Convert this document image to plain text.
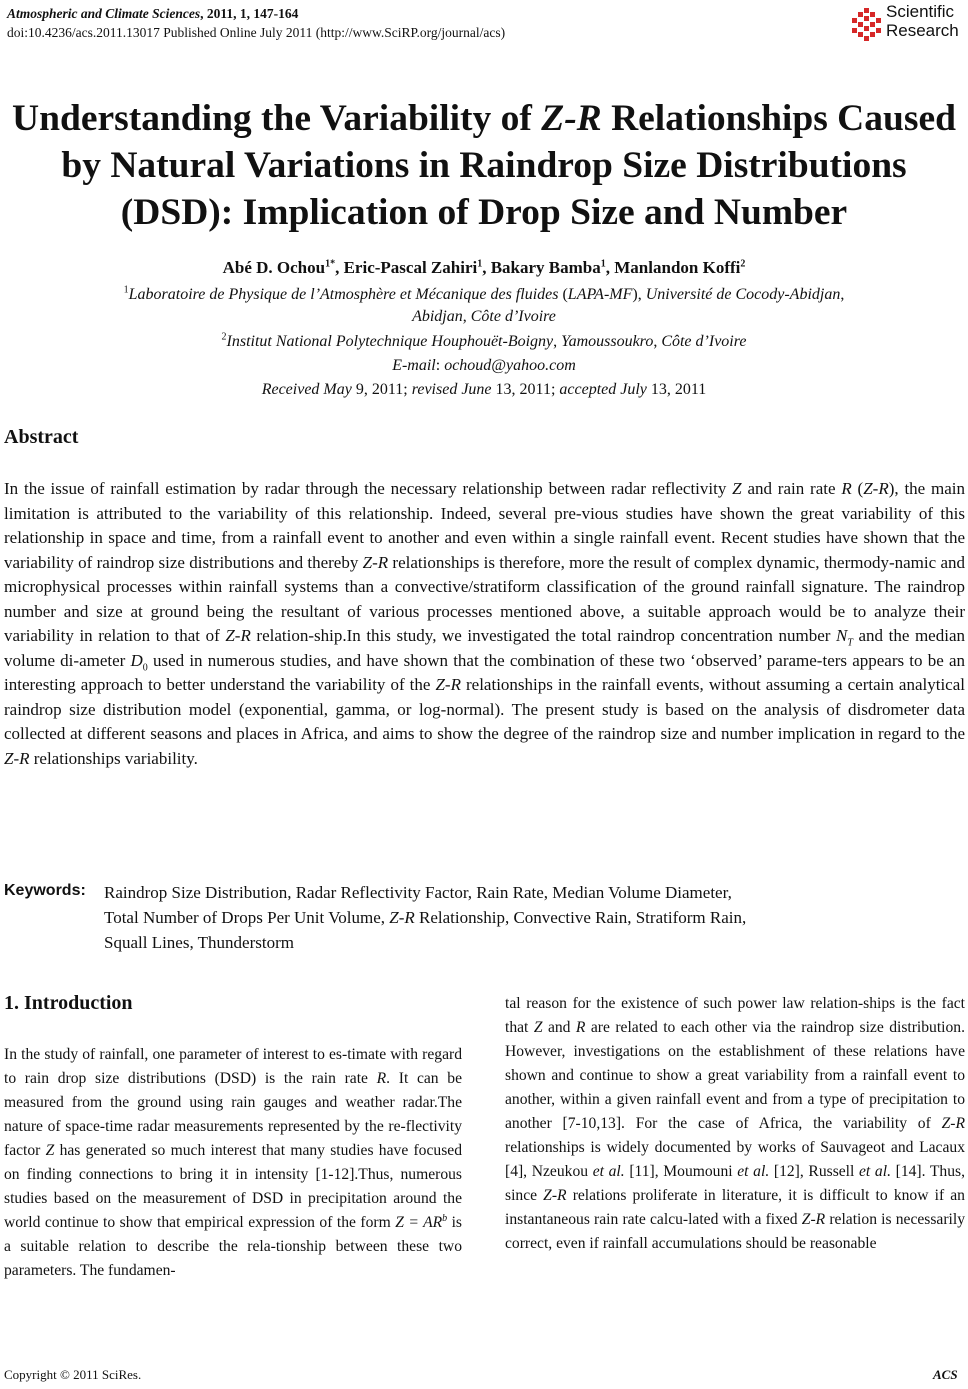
Atmospheric and Climate Sciences, 2011, 1, 147-164
doi:10.4236/acs.2011.13017 Published Online July 2011 (http://www.SciRP.org/journal/acs)
Scientific
Research
Understanding the Variability of Z-R Relationships Caused
by Natural Variations in Raindrop Size Distributions
(DSD): Implication of Drop Size and Number
Abé D. Ochou$^{1*}$, Eric-Pascal Zahiri$^1$, Bakary Bamba$^1$, Manlandon Koffi$^2$
$^1$Laboratoire de Physique de l’Atmosphère et Mécanique des fluides (LAPA-MF), Université de Cocody-Abidjan,
Abidjan, Côte d’Ivoire
$^2$Institut National Polytechnique Houphouët-Boigny, Yamoussoukro, Côte d’Ivoire
E-mail: ochoud@yahoo.com
Received May 9, 2011; revised June 13, 2011; accepted July 13, 2011
Abstract
In the issue of rainfall estimation by radar through the necessary relationship between radar reflectivity Z and rain rate R (Z-R), the main limitation is attributed to the variability of this relationship. Indeed, several pre-vious studies have shown the great variability of this relationship in space and time, from a rainfall event to another and even within a single rainfall event. Recent studies have shown that the variability of raindrop size distributions and thereby Z-R relationships is therefore, more the result of complex dynamic, thermody-namic and microphysical processes within rainfall systems than a convective/stratiform classification of the ground rainfall signature. The raindrop number and size at ground being the resultant of various processes mentioned above, a suitable approach would be to analyze their variability in relation to that of Z-R relation-ship.In this study, we investigated the total raindrop concentration number $N_T$ and the median volume di-ameter $D_0$ used in numerous studies, and have shown that the combination of these two ‘observed’ parame-ters appears to be an interesting approach to better understand the variability of the Z-R relationships in the rainfall events, without assuming a certain analytical raindrop size distribution model (exponential, gamma, or log-normal). The present study is based on the analysis of disdrometer data collected at different seasons and places in Africa, and aims to show the degree of the raindrop size and number implication in regard to the Z-R relationships variability.
Keywords: Raindrop Size Distribution, Radar Reflectivity Factor, Rain Rate, Median Volume Diameter,
Total Number of Drops Per Unit Volume, Z-R Relationship, Convective Rain, Stratiform Rain,
Squall Lines, Thunderstorm
1. Introduction
In the study of rainfall, one parameter of interest to es-timate with regard to rain drop size distributions (DSD) is the rain rate R. It can be measured from the ground using rain gauges and weather radar.The nature of space-time radar measurements represented by the re-flectivity factor Z has generated so much interest that many studies have focused on finding connections to bring it in intensity [1-12].Thus, numerous studies based on the measurement of DSD in precipitation around the world continue to show that empirical expression of the form $Z = AR^b$ is a suitable relation to describe the rela-tionship between these two parameters. The fundamen-
tal reason for the existence of such power law relation-ships is the fact that Z and R are related to each other via the raindrop size distribution. However, investigations on the establishment of these relations have shown and continue to show a great variability from a rainfall event to another, within a given rainfall event and from a type of precipitation to another [7-10,13]. For the case of Africa, the variability of Z-R relationships is widely documented by works of Sauvageot and Lacaux [4], Nzeukou et al. [11], Moumouni et al. [12], Russell et al. [14]. Thus, since Z-R relations proliferate in literature, it is difficult to know if an instantaneous rain rate calcu-lated with a fixed Z-R relation is necessarily correct, even if rainfall accumulations should be reasonable
Copyright © 2011 SciRes.	ACS
